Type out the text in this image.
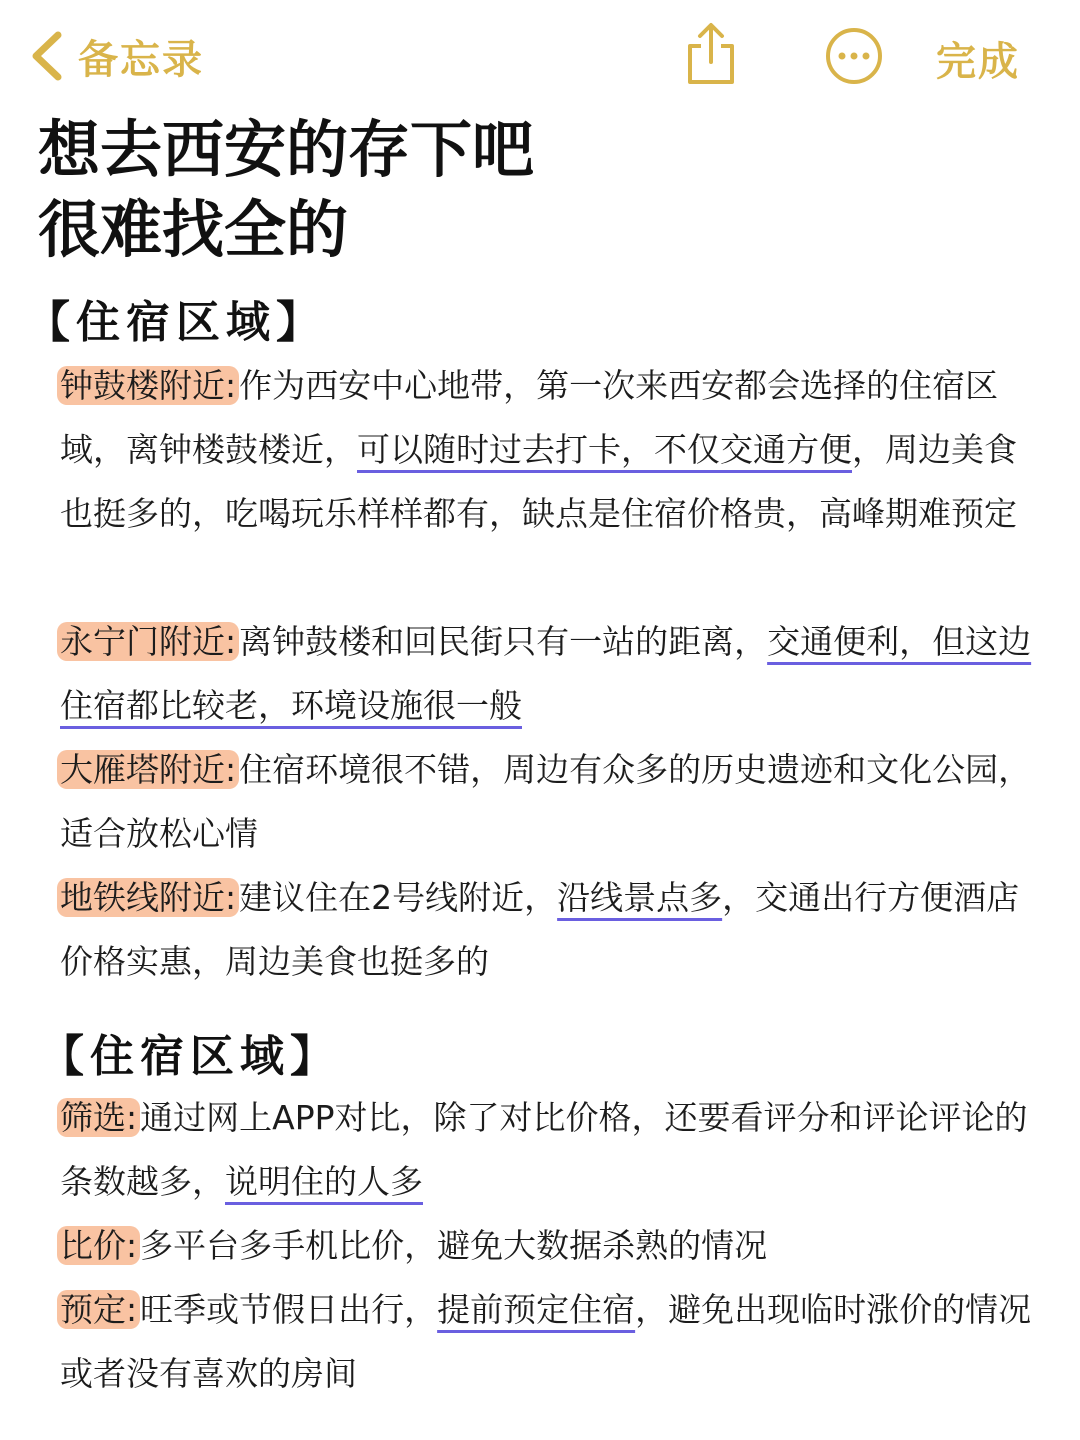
备忘录	完成
想去西安的存下吧
很难找全的
【住宿区域】

钟鼓楼附近:作为西安中心地带，第一次来西安都会选择的住宿区域，离钟楼鼓楼近，可以随时过去打卡，不仅交通方便，周边美食也挺多的，吃喝玩乐样样都有，缺点是住宿价格贵，高峰期难预定

永宁门附近:离钟鼓楼和回民街只有一站的距离，交通便利，但这边住宿都比较老，环境设施很一般

大雁塔附近:住宿环境很不错，周边有众多的历史遗迹和文化公园，适合放松心情

地铁线附近:建议住在2号线附近，沿线景点多，交通出行方便酒店价格实惠，周边美食也挺多的

【住宿区域】

筛选:通过网上APP对比，除了对比价格，还要看评分和评论评论的条数越多，说明住的人多

比价:多平台多手机比价，避免大数据杀熟的情况

预定:旺季或节假日出行，提前预定住宿，避免出现临时涨价的情况或者没有喜欢的房间
